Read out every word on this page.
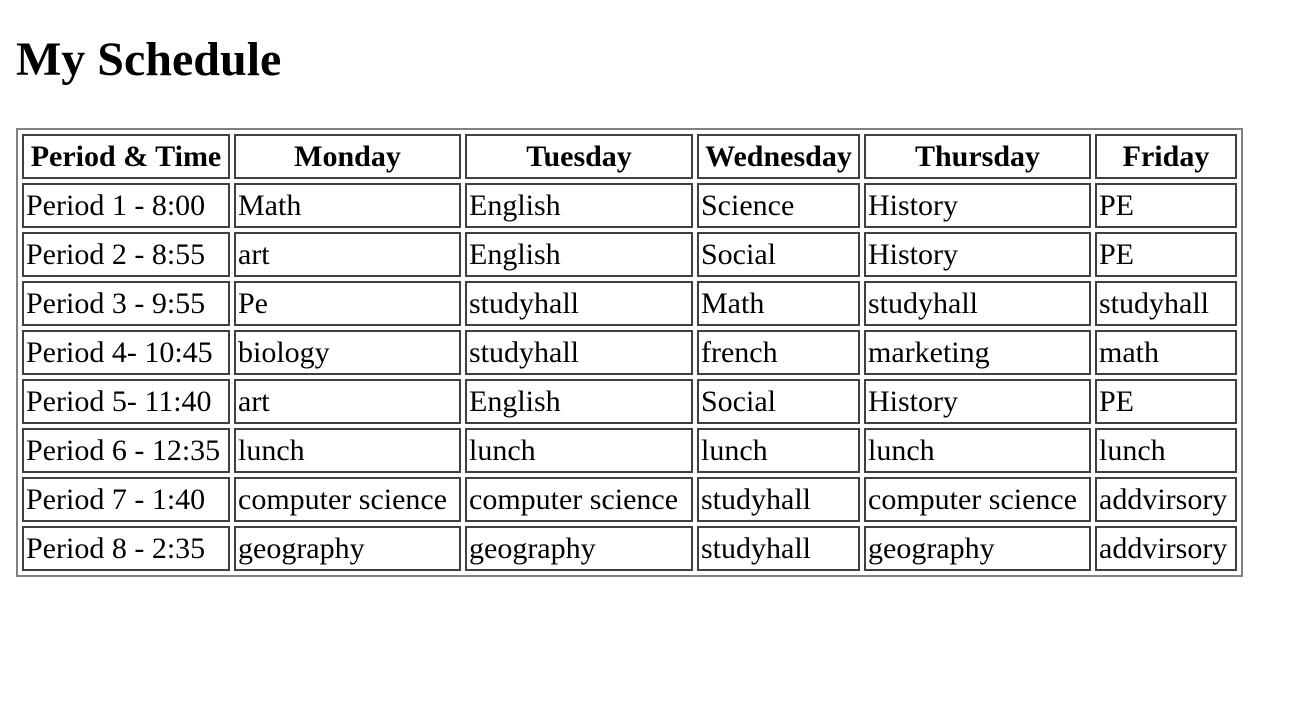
My Schedule
Period & Time	Monday	Tuesday	Wednesday	Thursday	Friday
Period 1 - 8:00	Math	English	Science	History	PE
Period 2 - 8:55	art	English	Social	History	PE
Period 3 - 9:55	Pe	studyhall	Math	studyhall	studyhall
Period 4- 10:45	biology	studyhall	french	marketing	math
Period 5- 11:40	art	English	Social	History	PE
Period 6 - 12:35	lunch	lunch	lunch	lunch	lunch
Period 7 - 1:40	computer science	computer science	studyhall	computer science	addvirsory
Period 8 - 2:35	geography	geography	studyhall	geography	addvirsory
